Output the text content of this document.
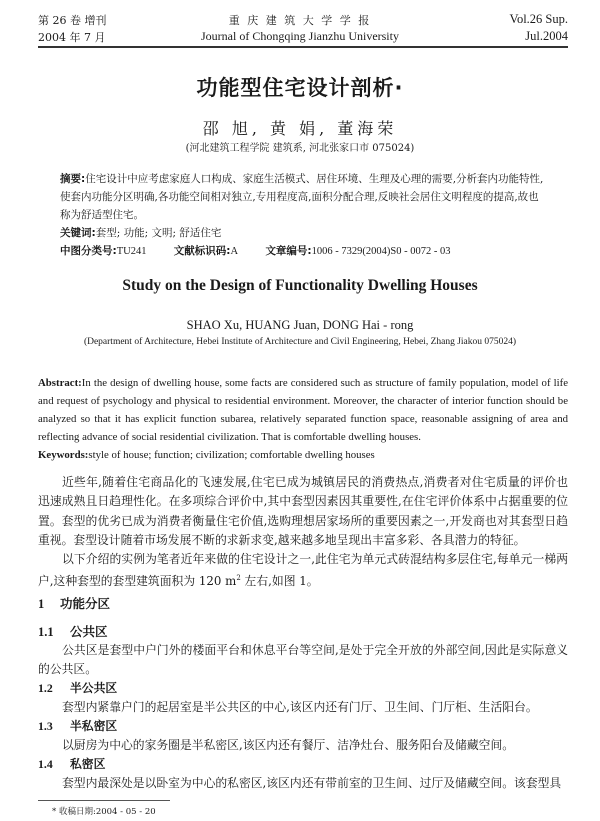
第 26 卷 增刊
2004 年 7 月
重 庆 建 筑 大 学 学 报
Journal of Chongqing Jianzhu University
Vol.26 Sup.
Jul.2004
功能型住宅设计剖析·
邵 旭, 黄 娟, 董海荣
(河北建筑工程学院 建筑系, 河北张家口市 075024)
摘要:住宅设计中应考虑家庭人口构成、家庭生活模式、居住环境、生理及心理的需要,分析套内功能特性,使套内功能分区明确,各功能空间相对独立,专用程度高,面积分配合理,反映社会居住文明程度的提高,故也称为舒适型住宅。
关键词:套型; 功能; 文明; 舒适住宅
中图分类号:TU241	文献标识码:A	文章编号:1006 - 7329(2004)S0 - 0072 - 03
Study on the Design of Functionality Dwelling Houses
SHAO Xu, HUANG Juan, DONG Hai - rong
(Department of Architecture, Hebei Institute of Architecture and Civil Engineering, Hebei, Zhang Jiakou 075024)
Abstract:In the design of dwelling house, some facts are considered such as structure of family population, model of life and request of psychology and physical to residential environment. Moreover, the character of interior function should be analyzed so that it has explicit function subarea, relatively separated function space, reasonable assigning of area and reflecting advance of social residential civilization. That is comfortable dwelling houses.
Keywords:style of house; function; civilization; comfortable dwelling houses
近些年,随着住宅商品化的飞速发展,住宅已成为城镇居民的消费热点,消费者对住宅质量的评价也迅速成熟且日趋理性化。在多项综合评价中,其中套型因素因其重要性,在住宅评价体系中占据重要的位置。套型的优劣已成为消费者衡量住宅价值,选购理想居家场所的重要因素之一,开发商也对其套型日趋重视。套型设计随着市场发展不断的求新求变,越来越多地呈现出丰富多彩、各具潜力的特征。
以下介绍的实例为笔者近年来做的住宅设计之一,此住宅为单元式砖混结构多层住宅,每单元一梯两户,这种套型的套型建筑面积为 120 $m^2$ 左右,如图 1。
1 功能分区
1.1 公共区
公共区是套型中户门外的楼面平台和休息平台等空间,是处于完全开放的外部空间,因此是实际意义的公共区。
1.2 半公共区
套型内紧靠户门的起居室是半公共区的中心,该区内还有门厅、卫生间、门厅柜、生活阳台。
1.3 半私密区
以厨房为中心的家务圈是半私密区,该区内还有餐厅、洁净灶台、服务阳台及储藏空间。
1.4 私密区
套型内最深处是以卧室为中心的私密区,该区内还有带前室的卫生间、过厅及储藏空间。该套型具
* 收稿日期:2004 - 05 - 20
